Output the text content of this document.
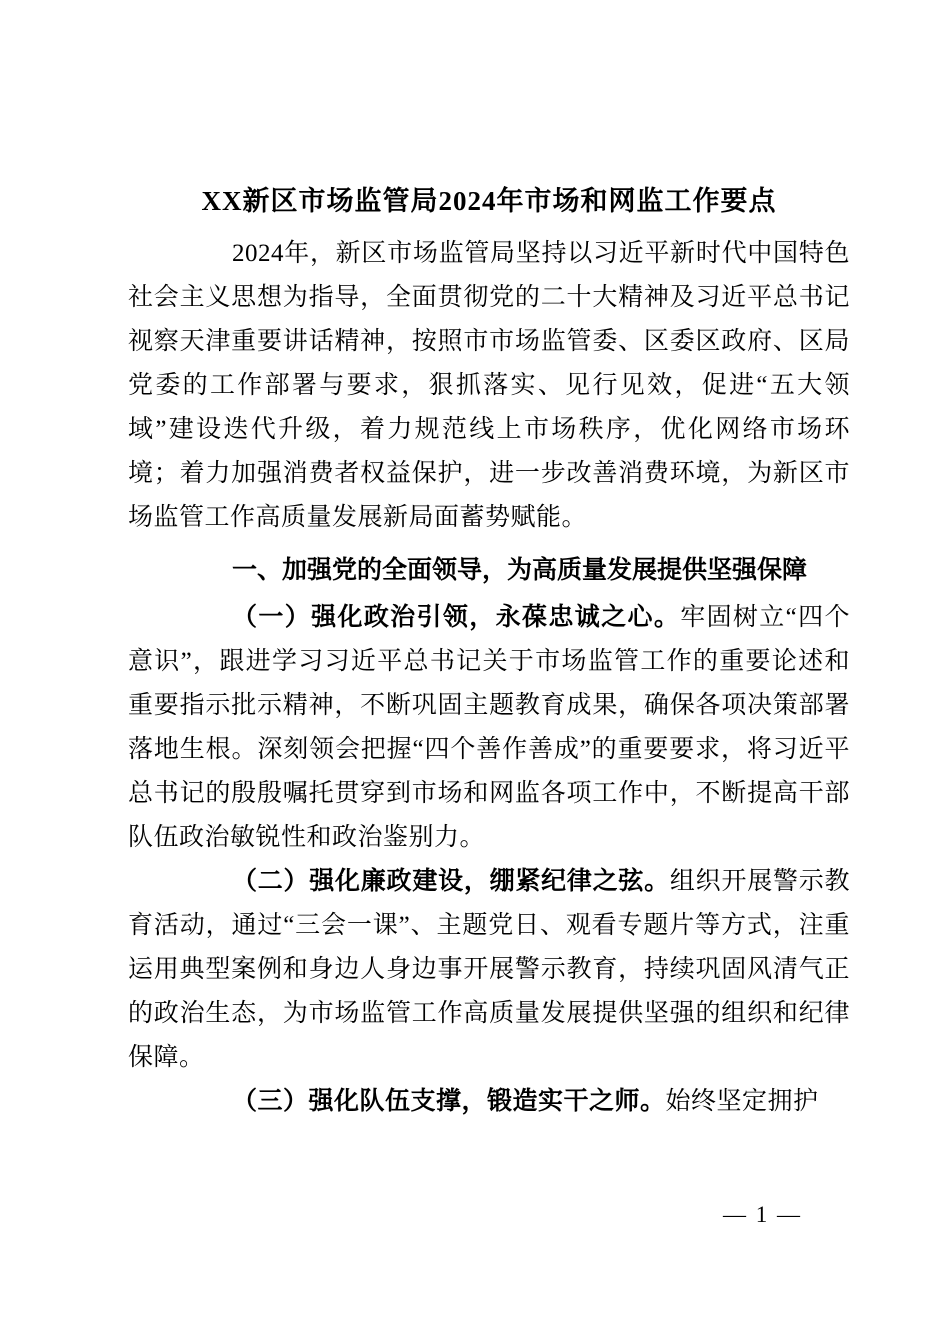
XX新区市场监管局2024年市场和网监工作要点

2024年，新区市场监管局坚持以习近平新时代中国特色社会主义思想为指导，全面贯彻党的二十大精神及习近平总书记视察天津重要讲话精神，按照市市场监管委、区委区政府、区局党委的工作部署与要求，狠抓落实、见行见效，促进“五大领域”建设迭代升级，着力规范线上市场秩序，优化网络市场环境；着力加强消费者权益保护，进一步改善消费环境，为新区市场监管工作高质量发展新局面蓄势赋能。

一、加强党的全面领导，为高质量发展提供坚强保障

（一）强化政治引领，永葆忠诚之心。牢固树立“四个意识”，跟进学习习近平总书记关于市场监管工作的重要论述和重要指示批示精神，不断巩固主题教育成果，确保各项决策部署落地生根。深刻领会把握“四个善作善成”的重要要求，将习近平总书记的殷殷嘱托贯穿到市场和网监各项工作中，不断提高干部队伍政治敏锐性和政治鉴别力。

（二）强化廉政建设，绷紧纪律之弦。组织开展警示教育活动，通过“三会一课”、主题党日、观看专题片等方式，注重运用典型案例和身边人身边事开展警示教育，持续巩固风清气正的政治生态，为市场监管工作高质量发展提供坚强的组织和纪律保障。

（三）强化队伍支撑，锻造实干之师。始终坚定拥护

— 1 —
